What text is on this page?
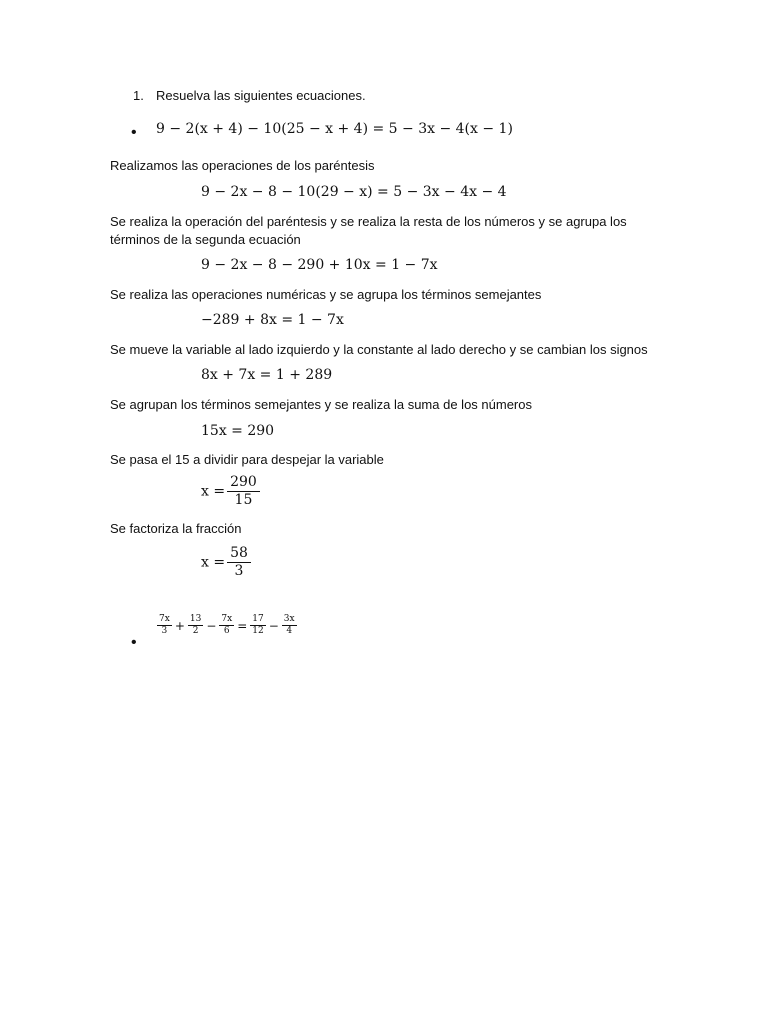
1. Resuelva las siguientes ecuaciones.
• 9 − 2(x + 4) − 10(25 − x + 4) = 5 − 3x − 4(x − 1)
Realizamos las operaciones de los paréntesis
9 − 2x − 8 − 10(29 − x) = 5 − 3x − 4x − 4
Se realiza la operación del paréntesis y se realiza la resta de los números y se agrupa los
términos de la segunda ecuación
9 − 2x − 8 − 290 + 10x = 1 − 7x
Se realiza las operaciones numéricas y se agrupa los términos semejantes
−289 + 8x = 1 − 7x
Se mueve la variable al lado izquierdo y la constante al lado derecho y se cambian los signos
8x + 7x = 1 + 289
Se agrupan los términos semejantes y se realiza la suma de los números
15x = 290
Se pasa el 15 a dividir para despejar la variable
$x = \frac{290}{15}$
Se factoriza la fracción
$x = \frac{58}{3}$
$\frac{7x}{3} + \frac{13}{2} - \frac{7x}{6} = \frac{17}{12} - \frac{3x}{4}$
•
